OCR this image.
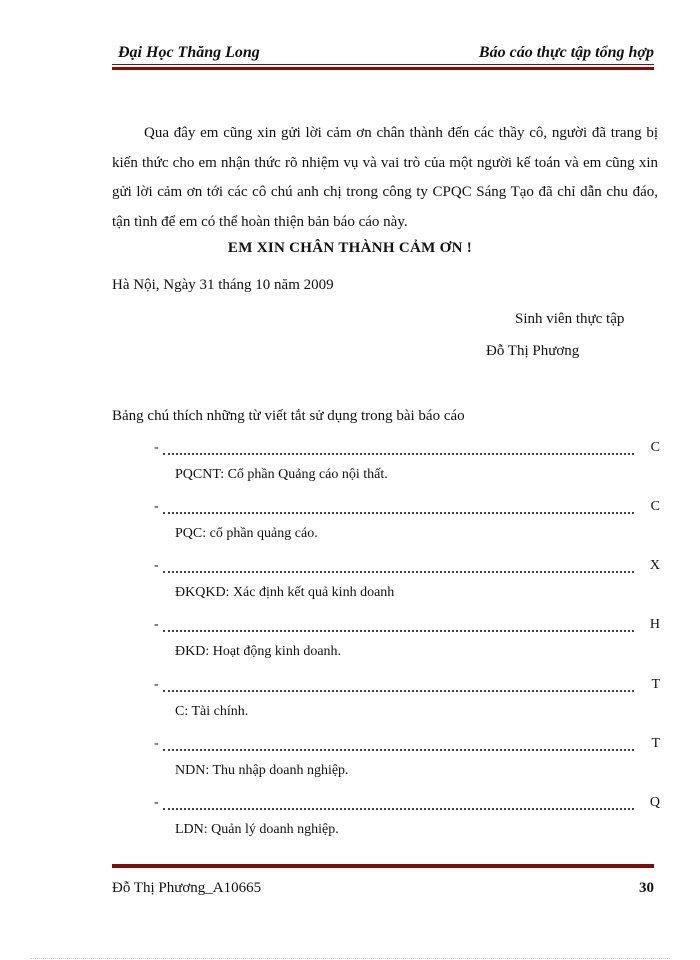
Đại Học Thăng Long	Báo cáo thực tập tổng hợp
Qua đây em cũng xin gửi lời cảm ơn chân thành đến các thầy cô, người đã trang bị kiến thức cho em nhận thức rõ nhiệm vụ và vai trò của một người kế toán và em cũng xin gửi lời cảm ơn tới các cô chú anh chị trong công ty CPQC Sáng Tạo đã chỉ dẫn chu đáo, tận tình để em có thể hoàn thiện bản báo cáo này.
EM XIN CHÂN THÀNH CẢM ƠN !
Hà Nội, Ngày 31 tháng 10 năm 2009
Sinh viên thực tập
Đỗ Thị Phương
Bảng chú thích những từ viết tắt sử dụng trong bài báo cáo
-	C
PQCNT: Cổ phần Quảng cáo nội thất.
-	C
PQC: cổ phần quảng cáo.
-	X
ĐKQKD: Xác định kết quả kinh doanh
-	H
ĐKD: Hoạt động kinh doanh.
-	T
C: Tài chính.
-	T
NDN: Thu nhập doanh nghiệp.
-	Q
LDN: Quản lý doanh nghiệp.
Đỗ Thị Phương_A10665	30
